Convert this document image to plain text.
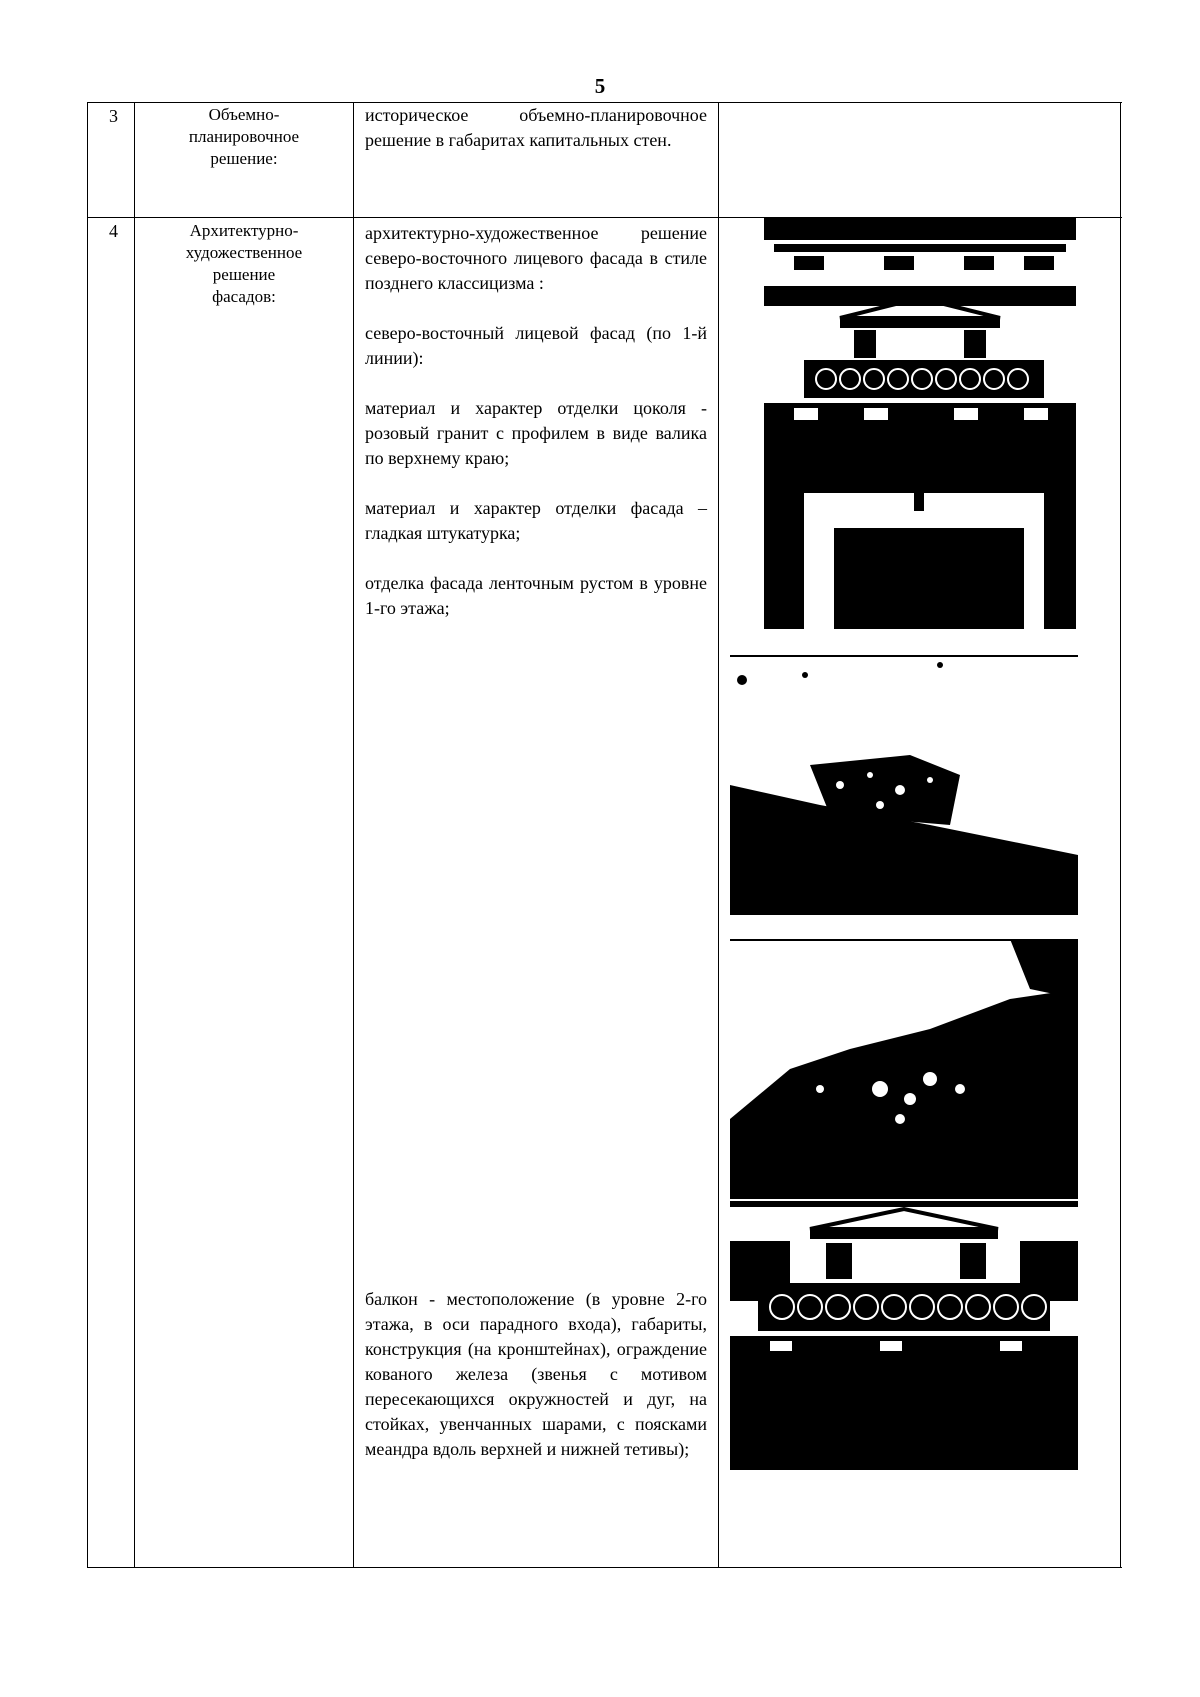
5
3	Объемно-
планировочное
решение:
историческое объемно-планировочное решение в габаритах капитальных стен.
4	Архитектурно-
художественное
решение
фасадов:

архитектурно-художественное решение северо-восточного лицевого фасада в стиле позднего классицизма :

северо-восточный лицевой фасад (по 1-й линии):

материал и характер отделки цоколя - розовый гранит с профилем в виде валика по верхнему краю;

материал и характер отделки фасада – гладкая штукатурка;

отделка фасада ленточным рустом в уровне 1-го этажа;

балкон - местоположение (в уровне 2-го этажа, в оси парадного входа), габариты, конструкция (на кронштейнах), ограждение кованого железа (звенья с мотивом пересекающихся окружностей и дуг, на стойках, увенчанных шарами, с поясками меандра вдоль верхней и нижней тетивы);
